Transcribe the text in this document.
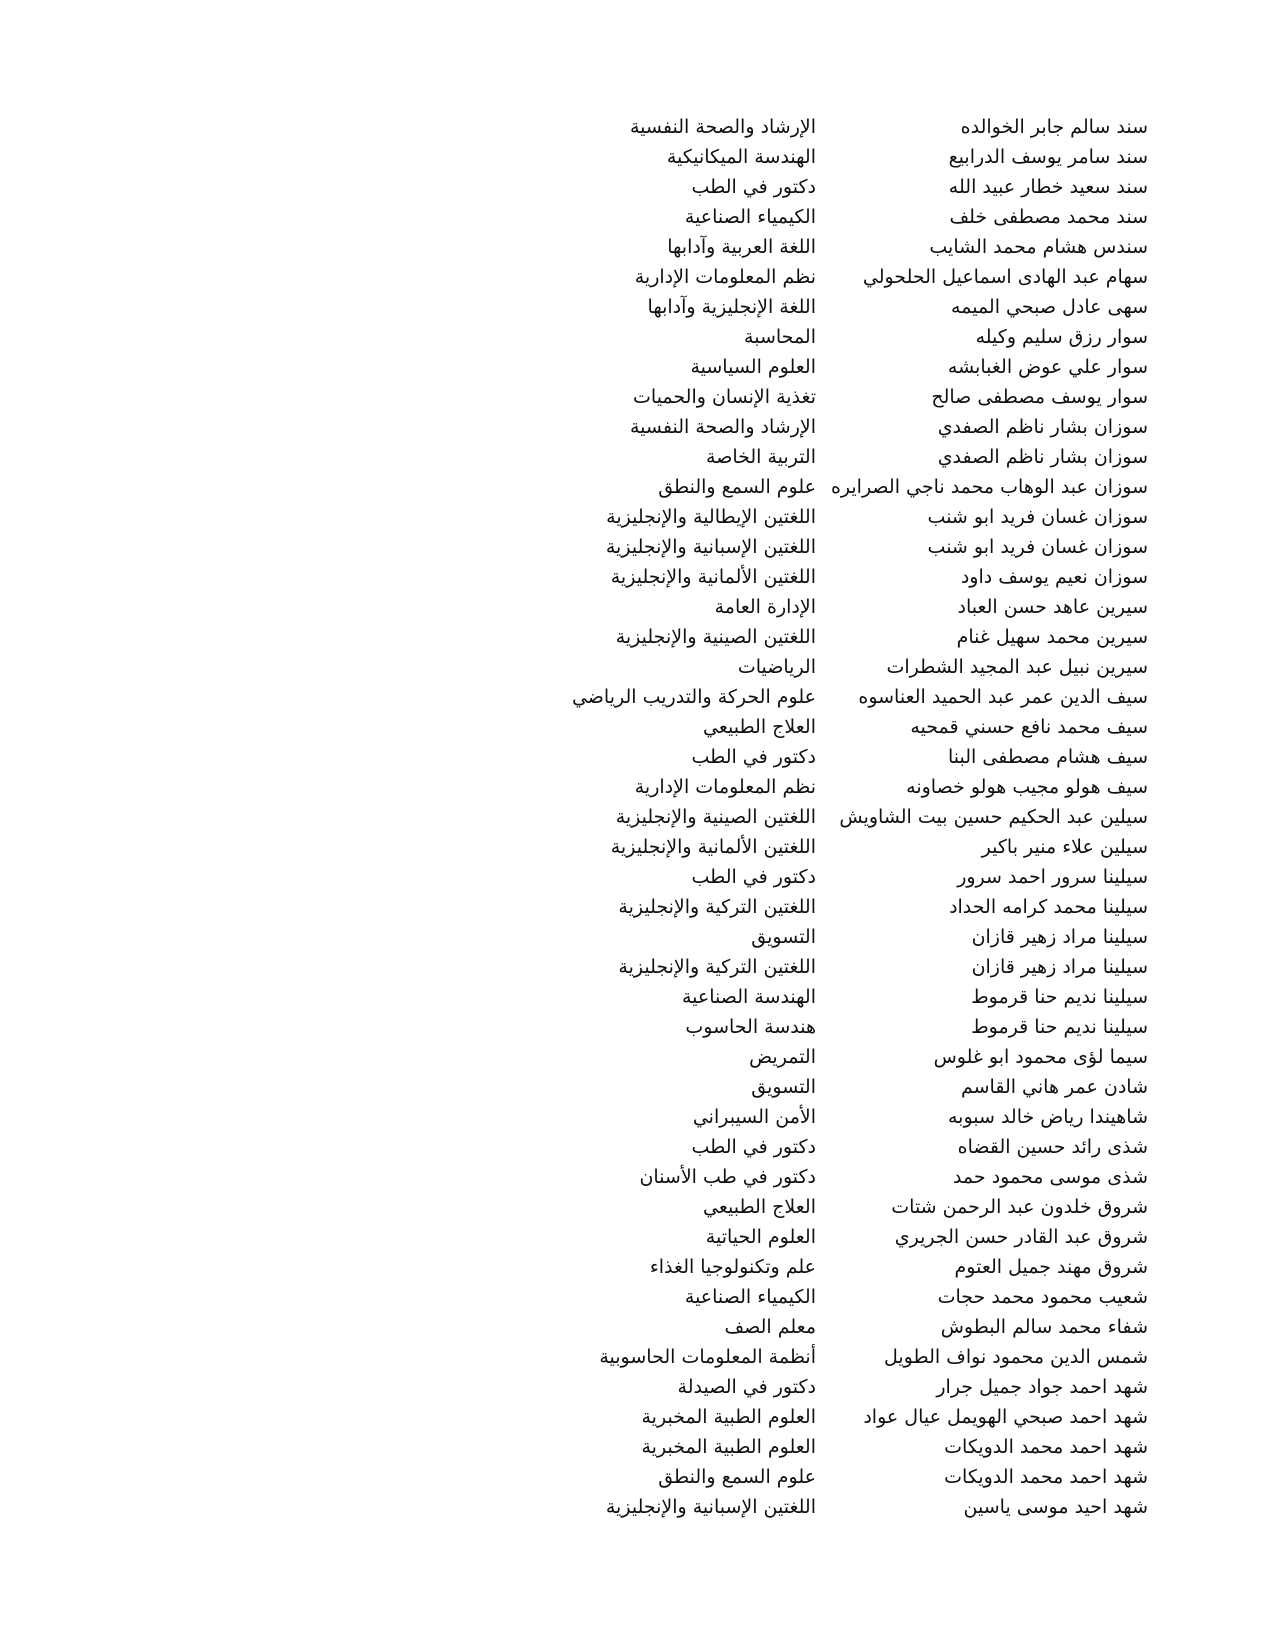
سند سالم جابر الخوالده
الإرشاد والصحة النفسية
سند سامر يوسف الدرابيع
الهندسة الميكانيكية
سند سعيد خطار عبيد الله
دكتور في الطب
سند محمد مصطفى خلف
الكيمياء الصناعية
سندس هشام محمد الشايب
اللغة العربية وآدابها
سهام عبد الهادى اسماعيل الحلحولي
نظم المعلومات الإدارية
سهى عادل صبحي الميمه
اللغة الإنجليزية وآدابها
سوار رزق سليم وكيله
المحاسبة
سوار علي عوض الغبابشه
العلوم السياسية
سوار يوسف مصطفى صالح
تغذية الإنسان والحميات
سوزان بشار ناظم الصفدي
الإرشاد والصحة النفسية
سوزان بشار ناظم الصفدي
التربية الخاصة
سوزان عبد الوهاب محمد ناجي الصرايره
علوم السمع والنطق
سوزان غسان فريد ابو شنب
اللغتين الإيطالية والإنجليزية
سوزان غسان فريد ابو شنب
اللغتين الإسبانية والإنجليزية
سوزان نعيم يوسف داود
اللغتين الألمانية والإنجليزية
سيرين عاهد حسن العباد
الإدارة العامة
سيرين محمد سهيل غنام
اللغتين الصينية والإنجليزية
سيرين نبيل عبد المجيد الشطرات
الرياضيات
سيف الدين عمر عبد الحميد العناسوه
علوم الحركة والتدريب الرياضي
سيف محمد نافع حسني قمحيه
العلاج الطبيعي
سيف هشام مصطفى البنا
دكتور في الطب
سيف هولو مجيب هولو خصاونه
نظم المعلومات الإدارية
سيلين عبد الحكيم حسين بيت الشاويش
اللغتين الصينية والإنجليزية
سيلين علاء منير باكير
اللغتين الألمانية والإنجليزية
سيلينا سرور احمد سرور
دكتور في الطب
سيلينا محمد كرامه الحداد
اللغتين التركية والإنجليزية
سيلينا مراد زهير قازان
التسويق
سيلينا مراد زهير قازان
اللغتين التركية والإنجليزية
سيلينا نديم حنا قرموط
الهندسة الصناعية
سيلينا نديم حنا قرموط
هندسة الحاسوب
سيما لؤى محمود ابو غلوس
التمريض
شادن عمر هاني القاسم
التسويق
شاهيندا رياض خالد سبوبه
الأمن السيبراني
شذى رائد حسين القضاه
دكتور في الطب
شذى موسى محمود حمد
دكتور في طب الأسنان
شروق خلدون عبد الرحمن شتات
العلاج الطبيعي
شروق عبد القادر حسن الجريري
العلوم الحياتية
شروق مهند جميل العتوم
علم وتكنولوجيا الغذاء
شعيب محمود محمد حجات
الكيمياء الصناعية
شفاء محمد سالم البطوش
معلم الصف
شمس الدين محمود نواف الطويل
أنظمة المعلومات الحاسوبية
شهد احمد جواد جميل جرار
دكتور في الصيدلة
شهد احمد صبحي الهويمل عيال عواد
العلوم الطبية المخبرية
شهد احمد محمد الدويكات
العلوم الطبية المخبرية
شهد احمد محمد الدويكات
علوم السمع والنطق
شهد احيد موسى ياسين
اللغتين الإسبانية والإنجليزية
